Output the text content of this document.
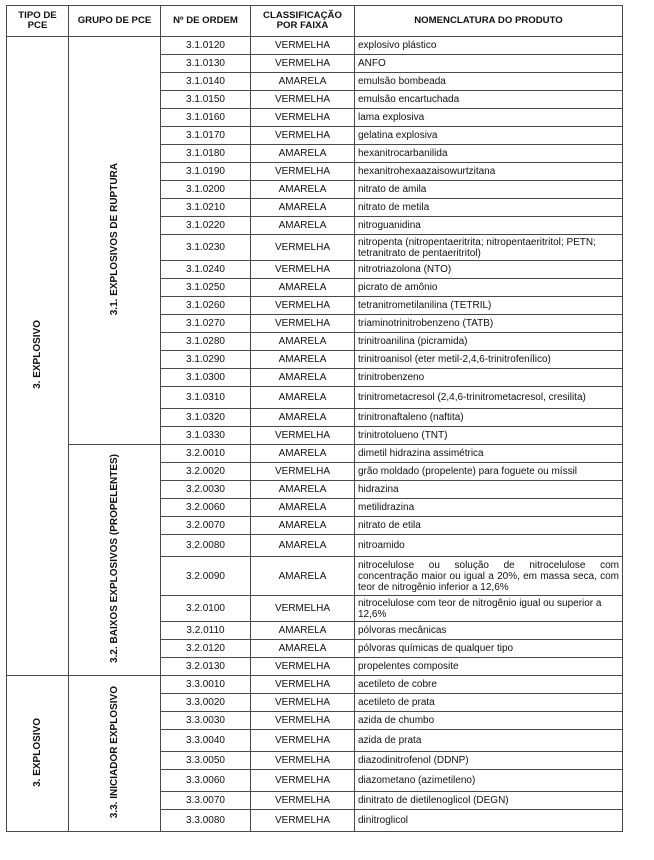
TIPO DE PCE	GRUPO DE PCE	Nº DE ORDEM	CLASSIFICAÇÃO POR FAIXA	NOMENCLATURA DO PRODUTO
3. EXPLOSIVO	3.1. EXPLOSIVOS DE RUPTURA	3.1.0120	VERMELHA	explosivo plástico
		3.1.0130	VERMELHA	ANFO
		3.1.0140	AMARELA	emulsão bombeada
		3.1.0150	VERMELHA	emulsão encartuchada
		3.1.0160	VERMELHA	lama explosiva
		3.1.0170	VERMELHA	gelatina explosiva
		3.1.0180	AMARELA	hexanitrocarbanilida
		3.1.0190	VERMELHA	hexanitrohexaazaisowurtzitana
		3.1.0200	AMARELA	nitrato de amila
		3.1.0210	AMARELA	nitrato de metila
		3.1.0220	AMARELA	nitroguanidina
		3.1.0230	VERMELHA	nitropenta (nitropentaeritrita; nitropentaeritritol; PETN; tetranitrato de pentaeritritol)
		3.1.0240	VERMELHA	nitrotriazolona (NTO)
		3.1.0250	AMARELA	picrato de amônio
		3.1.0260	VERMELHA	tetranitrometilanilina (TETRIL)
		3.1.0270	VERMELHA	triaminotrinitrobenzeno (TATB)
		3.1.0280	AMARELA	trinitroanilina (picramida)
		3.1.0290	AMARELA	trinitroanisol (eter metil-2,4,6-trinitrofenílico)
		3.1.0300	AMARELA	trinitrobenzeno
		3.1.0310	AMARELA	trinitrometacresol (2,4,6-trinitrometacresol, cresilita)
		3.1.0320	AMARELA	trinitronaftaleno (naftita)
		3.1.0330	VERMELHA	trinitrotolueno (TNT)
	3.2. BAIXOS EXPLOSIVOS (PROPELENTES)	3.2.0010	AMARELA	dimetil hidrazina assimétrica
		3.2.0020	VERMELHA	grão moldado (propelente) para foguete ou míssil
		3.2.0030	AMARELA	hidrazina
		3.2.0060	AMARELA	metilidrazina
		3.2.0070	AMARELA	nitrato de etila
		3.2.0080	AMARELA	nitroamido
		3.2.0090	AMARELA	nitrocelulose ou solução de nitrocelulose com concentração maior ou igual a 20%, em massa seca, com teor de nitrogênio inferior a 12,6%
		3.2.0100	VERMELHA	nitrocelulose com teor de nitrogênio igual ou superior a 12,6%
		3.2.0110	AMARELA	pólvoras mecânicas
		3.2.0120	AMARELA	pólvoras químicas de qualquer tipo
		3.2.0130	VERMELHA	propelentes composite
3. EXPLOSIVO	3.3. INICIADOR EXPLOSIVO	3.3.0010	VERMELHA	acetileto de cobre
		3.3.0020	VERMELHA	acetileto de prata
		3.3.0030	VERMELHA	azida de chumbo
		3.3.0040	VERMELHA	azida de prata
		3.3.0050	VERMELHA	diazodinitrofenol (DDNP)
		3.3.0060	VERMELHA	diazometano (azimetileno)
		3.3.0070	VERMELHA	dinitrato de dietilenoglicol (DEGN)
		3.3.0080	VERMELHA	dinitroglicol
